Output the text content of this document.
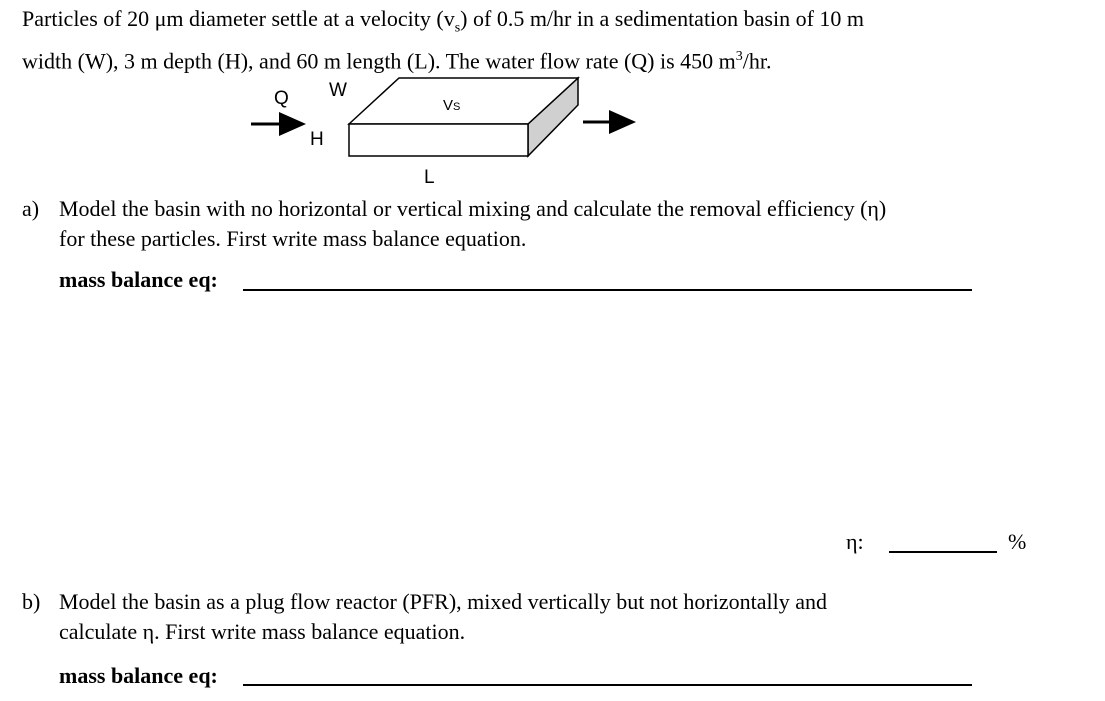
Particles of 20 μm diameter settle at a velocity $(v_s)$ of 0.5 m/hr in a sedimentation basin of 10 m
width (W), 3 m depth (H), and 60 m length (L). The water flow rate (Q) is 450 $m^3/hr$.
Q W
VS
H
L
a) Model the basin with no horizontal or vertical mixing and calculate the removal efficiency (η)
for these particles. First write mass balance equation.
mass balance eq:
η:	%
b) Model the basin as a plug flow reactor (PFR), mixed vertically but not horizontally and
calculate η. First write mass balance equation.
mass balance eq:
